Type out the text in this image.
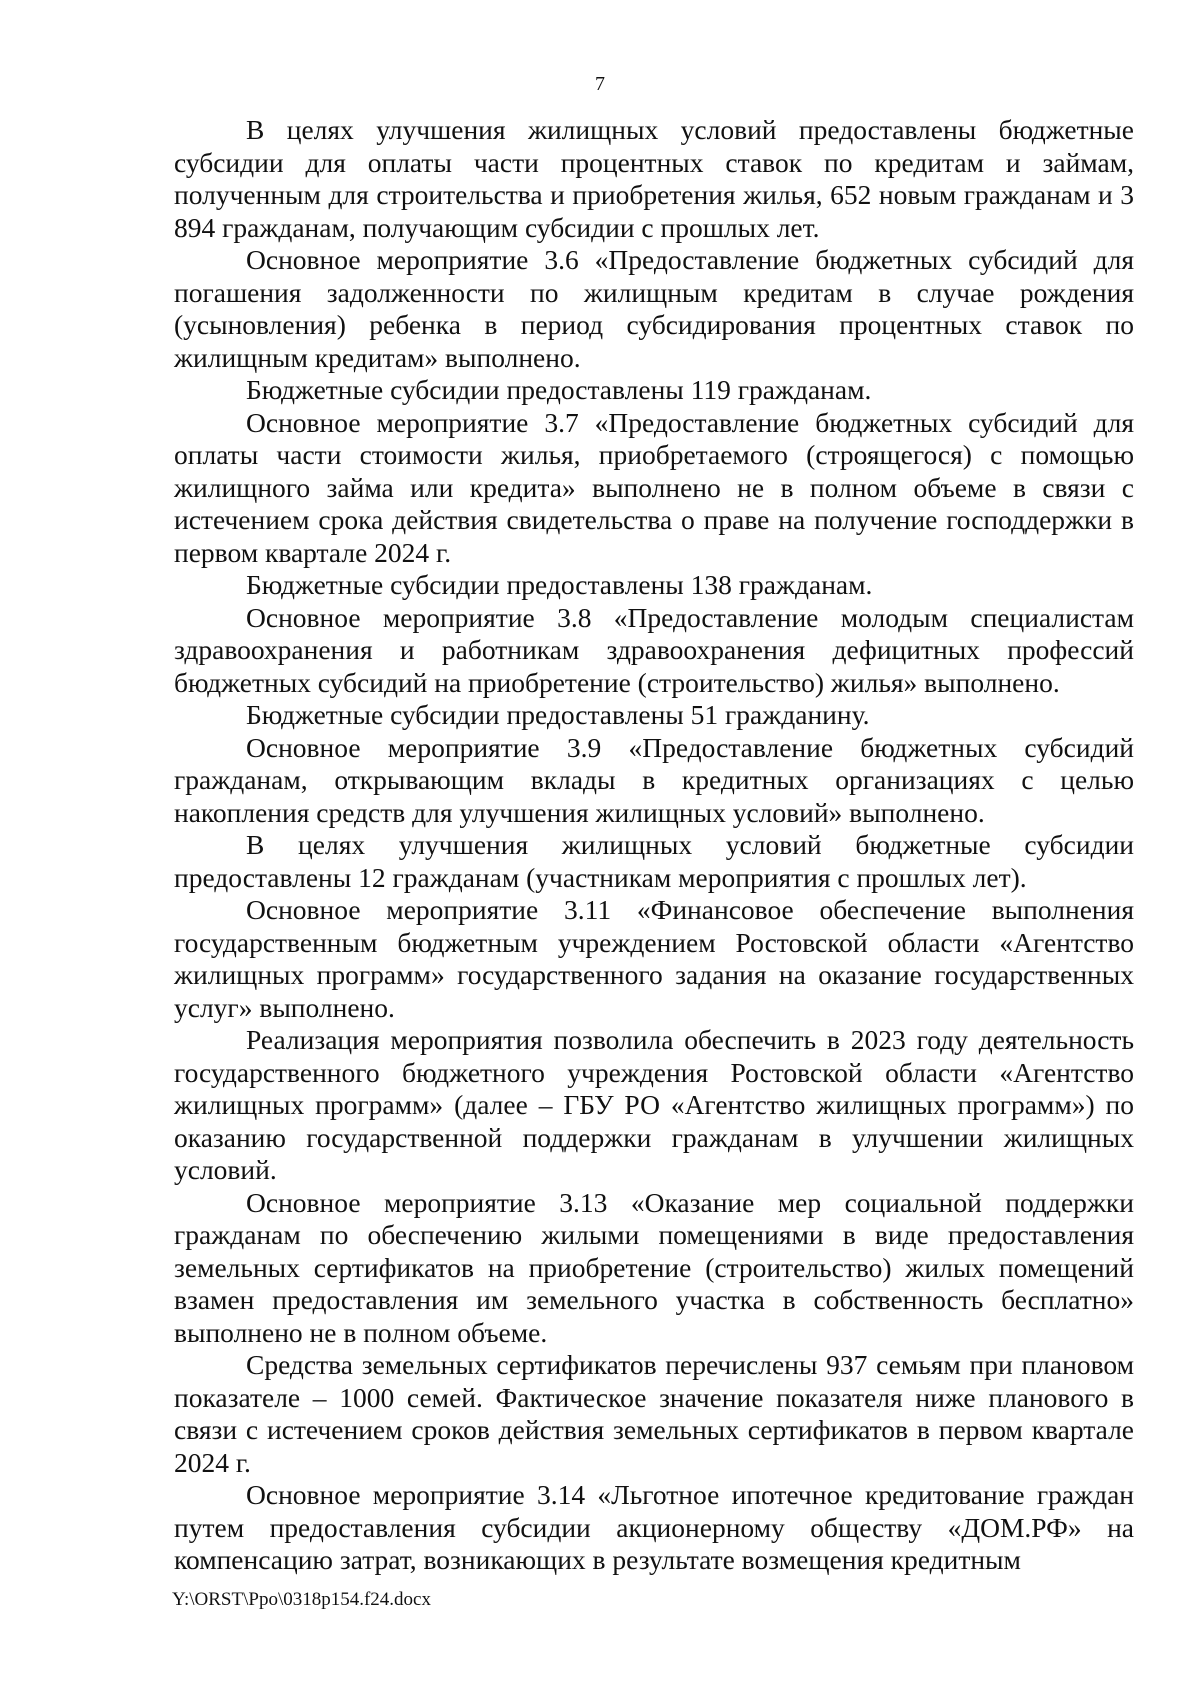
7

В целях улучшения жилищных условий предоставлены бюджетные субсидии для оплаты части процентных ставок по кредитам и займам, полученным для строительства и приобретения жилья, 652 новым гражданам и 3 894 гражданам, получающим субсидии с прошлых лет.

Основное мероприятие 3.6 «Предоставление бюджетных субсидий для погашения задолженности по жилищным кредитам в случае рождения (усыновления) ребенка в период субсидирования процентных ставок по жилищным кредитам» выполнено.

Бюджетные субсидии предоставлены 119 гражданам.

Основное мероприятие 3.7 «Предоставление бюджетных субсидий для оплаты части стоимости жилья, приобретаемого (строящегося) с помощью жилищного займа или кредита» выполнено не в полном объеме в связи с истечением срока действия свидетельства о праве на получение господдержки в первом квартале 2024 г.

Бюджетные субсидии предоставлены 138 гражданам.

Основное мероприятие 3.8 «Предоставление молодым специалистам здравоохранения и работникам здравоохранения дефицитных профессий бюджетных субсидий на приобретение (строительство) жилья» выполнено.

Бюджетные субсидии предоставлены 51 гражданину.

Основное мероприятие 3.9 «Предоставление бюджетных субсидий гражданам, открывающим вклады в кредитных организациях с целью накопления средств для улучшения жилищных условий» выполнено.

В целях улучшения жилищных условий бюджетные субсидии предоставлены 12 гражданам (участникам мероприятия с прошлых лет).

Основное мероприятие 3.11 «Финансовое обеспечение выполнения государственным бюджетным учреждением Ростовской области «Агентство жилищных программ» государственного задания на оказание государственных услуг» выполнено.

Реализация мероприятия позволила обеспечить в 2023 году деятельность государственного бюджетного учреждения Ростовской области «Агентство жилищных программ» (далее – ГБУ РО «Агентство жилищных программ») по оказанию государственной поддержки гражданам в улучшении жилищных условий.

Основное мероприятие 3.13 «Оказание мер социальной поддержки гражданам по обеспечению жилыми помещениями в виде предоставления земельных сертификатов на приобретение (строительство) жилых помещений взамен предоставления им земельного участка в собственность бесплатно» выполнено не в полном объеме.

Средства земельных сертификатов перечислены 937 семьям при плановом показателе – 1000 семей. Фактическое значение показателя ниже планового в связи с истечением сроков действия земельных сертификатов в первом квартале 2024 г.

Основное мероприятие 3.14 «Льготное ипотечное кредитование граждан путем предоставления субсидии акционерному обществу «ДОМ.РФ» на компенсацию затрат, возникающих в результате возмещения кредитным

Y:\ORST\Ppo\0318p154.f24.docx
